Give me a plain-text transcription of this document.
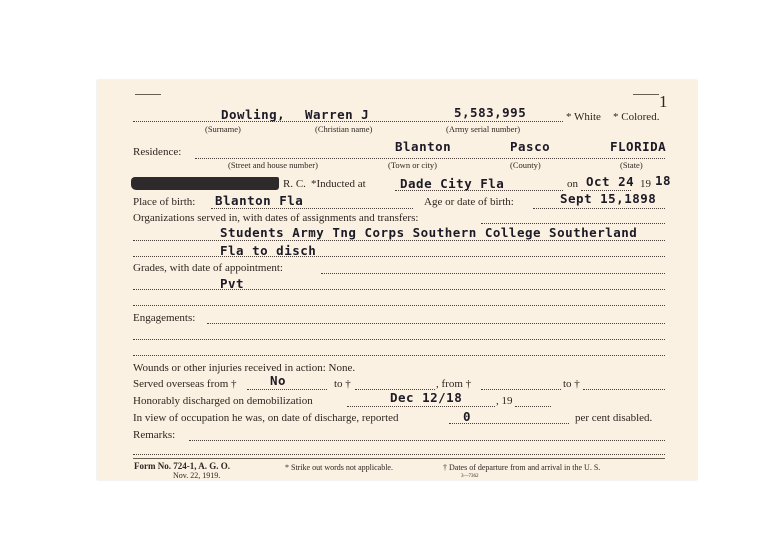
1
Dowling, Warren J	5,583,995	* White * Colored.
(Surname)	(Christian name)	(Army serial number)
Residence:	Blanton	Pasco	FLORIDA
(Street and house number)	(Town or city)	(County)	(State)
R. C. *Inducted at	Dade City Fla	on Oct 24 19 18
Place of birth: Blanton Fla	Age or date of birth:	Sept 15,1898
Organizations served in, with dates of assignments and transfers:
Students Army Tng Corps Southern College Southerland
Fla to disch
Grades, with date of appointment:
Pvt
Engagements:
Wounds or other injuries received in action: None.
Served overseas from †	No	to †	, from †	to †
Honorably discharged on demobilization	Dec 12/18	, 19
In view of occupation he was, on date of discharge, reported	0	per cent disabled.
Remarks:
Form No. 724-1, A. G. O.
Nov. 22, 1919.
* Strike out words not applicable.	† Dates of departure from and arrival in the U. S.
3—7362
